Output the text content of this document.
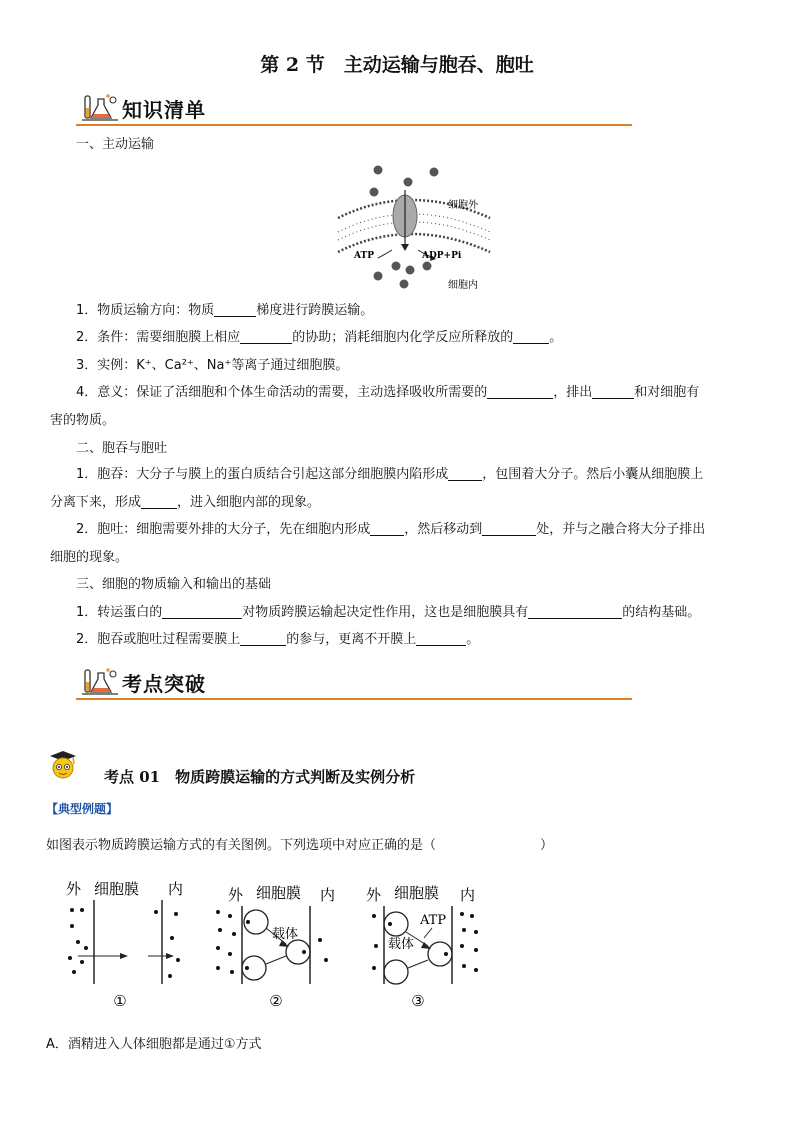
第 2 节　主动运输与胞吞、胞吐
知识清单
一、主动运输
细胞外
细胞内
ATP	ADP+Pi
1．物质运输方向：物质	梯度进行跨膜运输。
2．条件：需要细胞膜上相应	的协助；消耗细胞内化学反应所释放的	。
3．实例：K⁺、Ca²⁺、Na⁺等离子通过细胞膜。
4．意义：保证了活细胞和个体生命活动的需要，主动选择吸收所需要的	，排出	和对细胞有
害的物质。
二、胞吞与胞吐
1．胞吞：大分子与膜上的蛋白质结合引起这部分细胞膜内陷形成	，包围着大分子。然后小囊从细胞膜上
分离下来，形成	，进入细胞内部的现象。
2．胞吐：细胞需要外排的大分子，先在细胞内形成	，然后移动到	处，并与之融合将大分子排出
细胞的现象。
三、细胞的物质输入和输出的基础
1．转运蛋白的	对物质跨膜运输起决定性作用，这也是细胞膜具有	的结构基础。
2．胞吞或胞吐过程需要膜上	的参与，更离不开膜上	。
考点突破
考点 01　物质跨膜运输的方式判断及实例分析
【典型例题】
如图表示物质跨膜运输方式的有关图例。下列选项中对应正确的是（　　　　　　　　）
外 细胞膜 内
①
外 细胞膜 内
载体
②
外 细胞膜 内
ATP
载体
③
A．酒精进入人体细胞都是通过①方式
